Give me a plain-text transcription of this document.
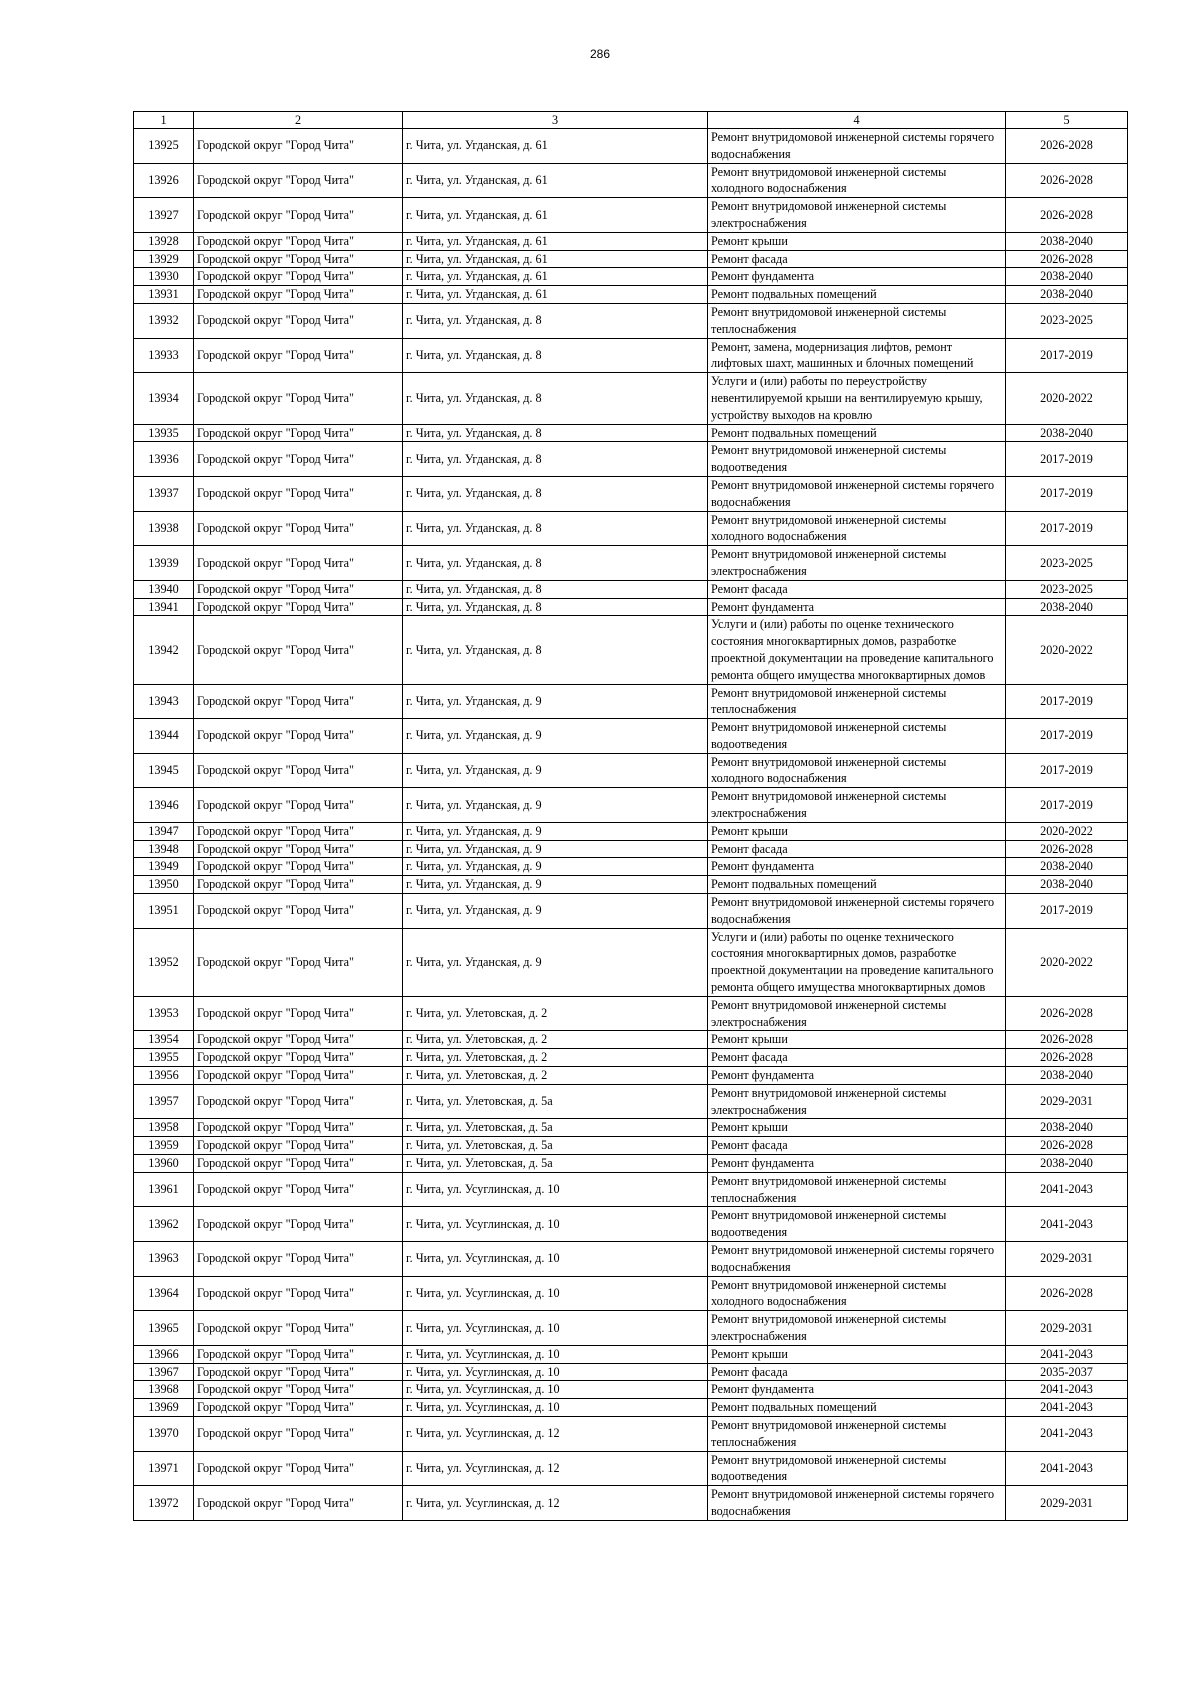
286
1	2	3	4	5
13925	Городской округ "Город Чита"	г. Чита, ул. Угданская, д. 61	Ремонт внутридомовой инженерной системы горячего водоснабжения	2026-2028
13926	Городской округ "Город Чита"	г. Чита, ул. Угданская, д. 61	Ремонт внутридомовой инженерной системы холодного водоснабжения	2026-2028
13927	Городской округ "Город Чита"	г. Чита, ул. Угданская, д. 61	Ремонт внутридомовой инженерной системы электроснабжения	2026-2028
13928	Городской округ "Город Чита"	г. Чита, ул. Угданская, д. 61	Ремонт крыши	2038-2040
13929	Городской округ "Город Чита"	г. Чита, ул. Угданская, д. 61	Ремонт фасада	2026-2028
13930	Городской округ "Город Чита"	г. Чита, ул. Угданская, д. 61	Ремонт фундамента	2038-2040
13931	Городской округ "Город Чита"	г. Чита, ул. Угданская, д. 61	Ремонт подвальных помещений	2038-2040
13932	Городской округ "Город Чита"	г. Чита, ул. Угданская, д. 8	Ремонт внутридомовой инженерной системы теплоснабжения	2023-2025
13933	Городской округ "Город Чита"	г. Чита, ул. Угданская, д. 8	Ремонт, замена, модернизация лифтов, ремонт лифтовых шахт, машинных и блочных помещений	2017-2019
13934	Городской округ "Город Чита"	г. Чита, ул. Угданская, д. 8	Услуги и (или) работы по переустройству невентилируемой крыши на вентилируемую крышу, устройству выходов на кровлю	2020-2022
13935	Городской округ "Город Чита"	г. Чита, ул. Угданская, д. 8	Ремонт подвальных помещений	2038-2040
13936	Городской округ "Город Чита"	г. Чита, ул. Угданская, д. 8	Ремонт внутридомовой инженерной системы водоотведения	2017-2019
13937	Городской округ "Город Чита"	г. Чита, ул. Угданская, д. 8	Ремонт внутридомовой инженерной системы горячего водоснабжения	2017-2019
13938	Городской округ "Город Чита"	г. Чита, ул. Угданская, д. 8	Ремонт внутридомовой инженерной системы холодного водоснабжения	2017-2019
13939	Городской округ "Город Чита"	г. Чита, ул. Угданская, д. 8	Ремонт внутридомовой инженерной системы электроснабжения	2023-2025
13940	Городской округ "Город Чита"	г. Чита, ул. Угданская, д. 8	Ремонт фасада	2023-2025
13941	Городской округ "Город Чита"	г. Чита, ул. Угданская, д. 8	Ремонт фундамента	2038-2040
13942	Городской округ "Город Чита"	г. Чита, ул. Угданская, д. 8	Услуги и (или) работы по оценке технического состояния многоквартирных домов, разработке проектной документации на проведение капитального ремонта общего имущества многоквартирных домов	2020-2022
13943	Городской округ "Город Чита"	г. Чита, ул. Угданская, д. 9	Ремонт внутридомовой инженерной системы теплоснабжения	2017-2019
13944	Городской округ "Город Чита"	г. Чита, ул. Угданская, д. 9	Ремонт внутридомовой инженерной системы водоотведения	2017-2019
13945	Городской округ "Город Чита"	г. Чита, ул. Угданская, д. 9	Ремонт внутридомовой инженерной системы холодного водоснабжения	2017-2019
13946	Городской округ "Город Чита"	г. Чита, ул. Угданская, д. 9	Ремонт внутридомовой инженерной системы электроснабжения	2017-2019
13947	Городской округ "Город Чита"	г. Чита, ул. Угданская, д. 9	Ремонт крыши	2020-2022
13948	Городской округ "Город Чита"	г. Чита, ул. Угданская, д. 9	Ремонт фасада	2026-2028
13949	Городской округ "Город Чита"	г. Чита, ул. Угданская, д. 9	Ремонт фундамента	2038-2040
13950	Городской округ "Город Чита"	г. Чита, ул. Угданская, д. 9	Ремонт подвальных помещений	2038-2040
13951	Городской округ "Город Чита"	г. Чита, ул. Угданская, д. 9	Ремонт внутридомовой инженерной системы горячего водоснабжения	2017-2019
13952	Городской округ "Город Чита"	г. Чита, ул. Угданская, д. 9	Услуги и (или) работы по оценке технического состояния многоквартирных домов, разработке проектной документации на проведение капитального ремонта общего имущества многоквартирных домов	2020-2022
13953	Городской округ "Город Чита"	г. Чита, ул. Улетовская, д. 2	Ремонт внутридомовой инженерной системы электроснабжения	2026-2028
13954	Городской округ "Город Чита"	г. Чита, ул. Улетовская, д. 2	Ремонт крыши	2026-2028
13955	Городской округ "Город Чита"	г. Чита, ул. Улетовская, д. 2	Ремонт фасада	2026-2028
13956	Городской округ "Город Чита"	г. Чита, ул. Улетовская, д. 2	Ремонт фундамента	2038-2040
13957	Городской округ "Город Чита"	г. Чита, ул. Улетовская, д. 5а	Ремонт внутридомовой инженерной системы электроснабжения	2029-2031
13958	Городской округ "Город Чита"	г. Чита, ул. Улетовская, д. 5а	Ремонт крыши	2038-2040
13959	Городской округ "Город Чита"	г. Чита, ул. Улетовская, д. 5а	Ремонт фасада	2026-2028
13960	Городской округ "Город Чита"	г. Чита, ул. Улетовская, д. 5а	Ремонт фундамента	2038-2040
13961	Городской округ "Город Чита"	г. Чита, ул. Усуглинская, д. 10	Ремонт внутридомовой инженерной системы теплоснабжения	2041-2043
13962	Городской округ "Город Чита"	г. Чита, ул. Усуглинская, д. 10	Ремонт внутридомовой инженерной системы водоотведения	2041-2043
13963	Городской округ "Город Чита"	г. Чита, ул. Усуглинская, д. 10	Ремонт внутридомовой инженерной системы горячего водоснабжения	2029-2031
13964	Городской округ "Город Чита"	г. Чита, ул. Усуглинская, д. 10	Ремонт внутридомовой инженерной системы холодного водоснабжения	2026-2028
13965	Городской округ "Город Чита"	г. Чита, ул. Усуглинская, д. 10	Ремонт внутридомовой инженерной системы электроснабжения	2029-2031
13966	Городской округ "Город Чита"	г. Чита, ул. Усуглинская, д. 10	Ремонт крыши	2041-2043
13967	Городской округ "Город Чита"	г. Чита, ул. Усуглинская, д. 10	Ремонт фасада	2035-2037
13968	Городской округ "Город Чита"	г. Чита, ул. Усуглинская, д. 10	Ремонт фундамента	2041-2043
13969	Городской округ "Город Чита"	г. Чита, ул. Усуглинская, д. 10	Ремонт подвальных помещений	2041-2043
13970	Городской округ "Город Чита"	г. Чита, ул. Усуглинская, д. 12	Ремонт внутридомовой инженерной системы теплоснабжения	2041-2043
13971	Городской округ "Город Чита"	г. Чита, ул. Усуглинская, д. 12	Ремонт внутридомовой инженерной системы водоотведения	2041-2043
13972	Городской округ "Город Чита"	г. Чита, ул. Усуглинская, д. 12	Ремонт внутридомовой инженерной системы горячего водоснабжения	2029-2031
